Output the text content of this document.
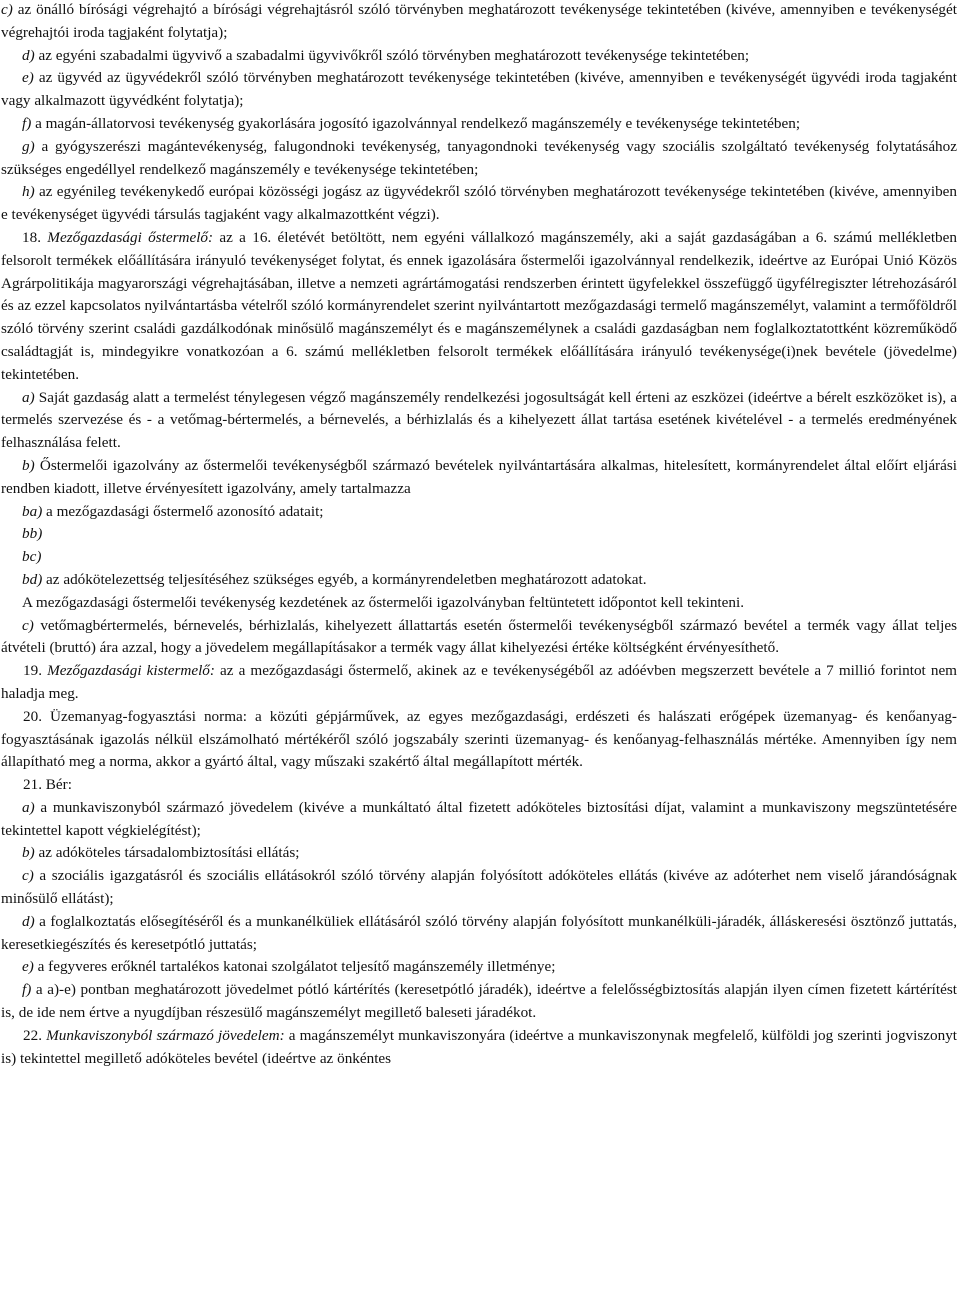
c) az önálló bírósági végrehajtó a bírósági végrehajtásról szóló törvényben meghatározott tevékenysége tekintetében (kivéve, amennyiben e tevékenységét végrehajtói iroda tagjaként folytatja);

d) az egyéni szabadalmi ügyvivő a szabadalmi ügyvivőkről szóló törvényben meghatározott tevékenysége tekintetében;

e) az ügyvéd az ügyvédekről szóló törvényben meghatározott tevékenysége tekintetében (kivéve, amennyiben e tevékenységét ügyvédi iroda tagjaként vagy alkalmazott ügyvédként folytatja);

f) a magán-állatorvosi tevékenység gyakorlására jogosító igazolvánnyal rendelkező magánszemély e tevékenysége tekintetében;

g) a gyógyszerészi magántevékenység, falugondnoki tevékenység, tanyagondnoki tevékenység vagy szociális szolgáltató tevékenység folytatásához szükséges engedéllyel rendelkező magánszemély e tevékenysége tekintetében;

h) az egyénileg tevékenykedő európai közösségi jogász az ügyvédekről szóló törvényben meghatározott tevékenysége tekintetében (kivéve, amennyiben e tevékenységet ügyvédi társulás tagjaként vagy alkalmazottként végzi).

18. Mezőgazdasági őstermelő: az a 16. életévét betöltött, nem egyéni vállalkozó magánszemély, aki a saját gazdaságában a 6. számú mellékletben felsorolt termékek előállítására irányuló tevékenységet folytat, és ennek igazolására őstermelői igazolvánnyal rendelkezik, ideértve az Európai Unió Közös Agrárpolitikája magyarországi végrehajtásában, illetve a nemzeti agrártámogatási rendszerben érintett ügyfelekkel összefüggő ügyfélregiszter létrehozásáról és az ezzel kapcsolatos nyilvántartásba vételről szóló kormányrendelet szerint nyilvántartott mezőgazdasági termelő magánszemélyt, valamint a termőföldről szóló törvény szerint családi gazdálkodónak minősülő magánszemélyt és e magánszemélynek a családi gazdaságban nem foglalkoztatottként közreműködő családtagját is, mindegyikre vonatkozóan a 6. számú mellékletben felsorolt termékek előállítására irányuló tevékenysége(i)nek bevétele (jövedelme) tekintetében.

a) Saját gazdaság alatt a termelést ténylegesen végző magánszemély rendelkezési jogosultságát kell érteni az eszközei (ideértve a bérelt eszközöket is), a termelés szervezése és - a vetőmag-bértermelés, a bérnevelés, a bérhizlalás és a kihelyezett állat tartása esetének kivételével - a termelés eredményének felhasználása felett.

b) Őstermelői igazolvány az őstermelői tevékenységből származó bevételek nyilvántartására alkalmas, hitelesített, kormányrendelet által előírt eljárási rendben kiadott, illetve érvényesített igazolvány, amely tartalmazza

ba) a mezőgazdasági őstermelő azonosító adatait;

bb)

bc)

bd) az adókötelezettség teljesítéséhez szükséges egyéb, a kormányrendeletben meghatározott adatokat.

A mezőgazdasági őstermelői tevékenység kezdetének az őstermelői igazolványban feltüntetett időpontot kell tekinteni.

c) vetőmagbértermelés, bérnevelés, bérhizlalás, kihelyezett állattartás esetén őstermelői tevékenységből származó bevétel a termék vagy állat teljes átvételi (bruttó) ára azzal, hogy a jövedelem megállapításakor a termék vagy állat kihelyezési értéke költségként érvényesíthető.

19. Mezőgazdasági kistermelő: az a mezőgazdasági őstermelő, akinek az e tevékenységéből az adóévben megszerzett bevétele a 7 millió forintot nem haladja meg.

20. Üzemanyag-fogyasztási norma: a közúti gépjárművek, az egyes mezőgazdasági, erdészeti és halászati erőgépek üzemanyag- és kenőanyag-fogyasztásának igazolás nélkül elszámolható mértékéről szóló jogszabály szerinti üzemanyag- és kenőanyag-felhasználás mértéke. Amennyiben így nem állapítható meg a norma, akkor a gyártó által, vagy műszaki szakértő által megállapított mérték.

21. Bér:

a) a munkaviszonyból származó jövedelem (kivéve a munkáltató által fizetett adóköteles biztosítási díjat, valamint a munkaviszony megszüntetésére tekintettel kapott végkielégítést);

b) az adóköteles társadalombiztosítási ellátás;

c) a szociális igazgatásról és szociális ellátásokról szóló törvény alapján folyósított adóköteles ellátás (kivéve az adóterhet nem viselő járandóságnak minősülő ellátást);

d) a foglalkoztatás elősegítéséről és a munkanélküliek ellátásáról szóló törvény alapján folyósított munkanélküli-járadék, álláskeresési ösztönző juttatás, keresetkiegészítés és keresetpótló juttatás;

e) a fegyveres erőknél tartalékos katonai szolgálatot teljesítő magánszemély illetménye;

f) a a)-e) pontban meghatározott jövedelmet pótló kártérítés (keresetpótló járadék), ideértve a felelősségbiztosítás alapján ilyen címen fizetett kártérítést is, de ide nem értve a nyugdíjban részesülő magánszemélyt megillető baleseti járadékot.

22. Munkaviszonyból származó jövedelem: a magánszemélyt munkaviszonyára (ideértve a munkaviszonynak megfelelő, külföldi jog szerinti jogviszonyt is) tekintettel megillető adóköteles bevétel (ideértve az önkéntes
